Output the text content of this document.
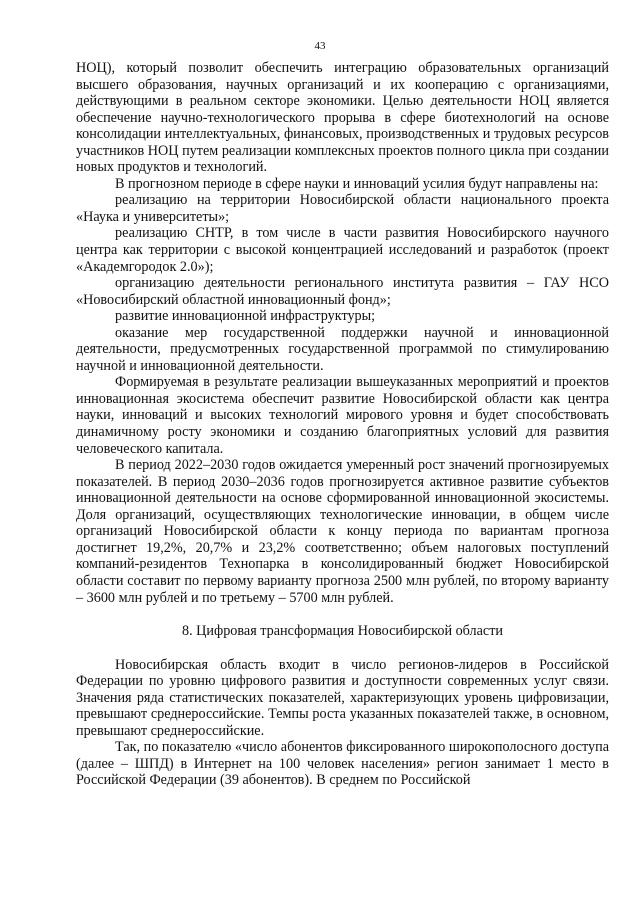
43

НОЦ), который позволит обеспечить интеграцию образовательных организаций высшего образования, научных организаций и их кооперацию с организациями, действующими в реальном секторе экономики. Целью деятельности НОЦ является обеспечение научно-технологического прорыва в сфере биотехнологий на основе консолидации интеллектуальных, финансовых, производственных и трудовых ресурсов участников НОЦ путем реализации комплексных проектов полного цикла при создании новых продуктов и технологий.

В прогнозном периоде в сфере науки и инноваций усилия будут направлены на:

реализацию на территории Новосибирской области национального проекта «Наука и университеты»;

реализацию СНТР, в том числе в части развития Новосибирского научного центра как территории с высокой концентрацией исследований и разработок (проект «Академгородок 2.0»);

организацию деятельности регионального института развития – ГАУ НСО «Новосибирский областной инновационный фонд»;

развитие инновационной инфраструктуры;

оказание мер государственной поддержки научной и инновационной деятельности, предусмотренных государственной программой по стимулированию научной и инновационной деятельности.

Формируемая в результате реализации вышеуказанных мероприятий и проектов инновационная экосистема обеспечит развитие Новосибирской области как центра науки, инноваций и высоких технологий мирового уровня и будет способствовать динамичному росту экономики и созданию благоприятных условий для развития человеческого капитала.

В период 2022–2030 годов ожидается умеренный рост значений прогнозируемых показателей. В период 2030–2036 годов прогнозируется активное развитие субъектов инновационной деятельности на основе сформированной инновационной экосистемы. Доля организаций, осуществляющих технологические инновации, в общем числе организаций Новосибирской области к концу периода по вариантам прогноза достигнет 19,2%, 20,7% и 23,2% соответственно; объем налоговых поступлений компаний-резидентов Технопарка в консолидированный бюджет Новосибирской области составит по первому варианту прогноза 2500 млн рублей, по второму варианту – 3600 млн рублей и по третьему – 5700 млн рублей.

8. Цифровая трансформация Новосибирской области

Новосибирская область входит в число регионов-лидеров в Российской Федерации по уровню цифрового развития и доступности современных услуг связи. Значения ряда статистических показателей, характеризующих уровень цифровизации, превышают среднероссийские. Темпы роста указанных показателей также, в основном, превышают среднероссийские.

Так, по показателю «число абонентов фиксированного широкополосного доступа (далее – ШПД) в Интернет на 100 человек населения» регион занимает 1 место в Российской Федерации (39 абонентов). В среднем по Российской
